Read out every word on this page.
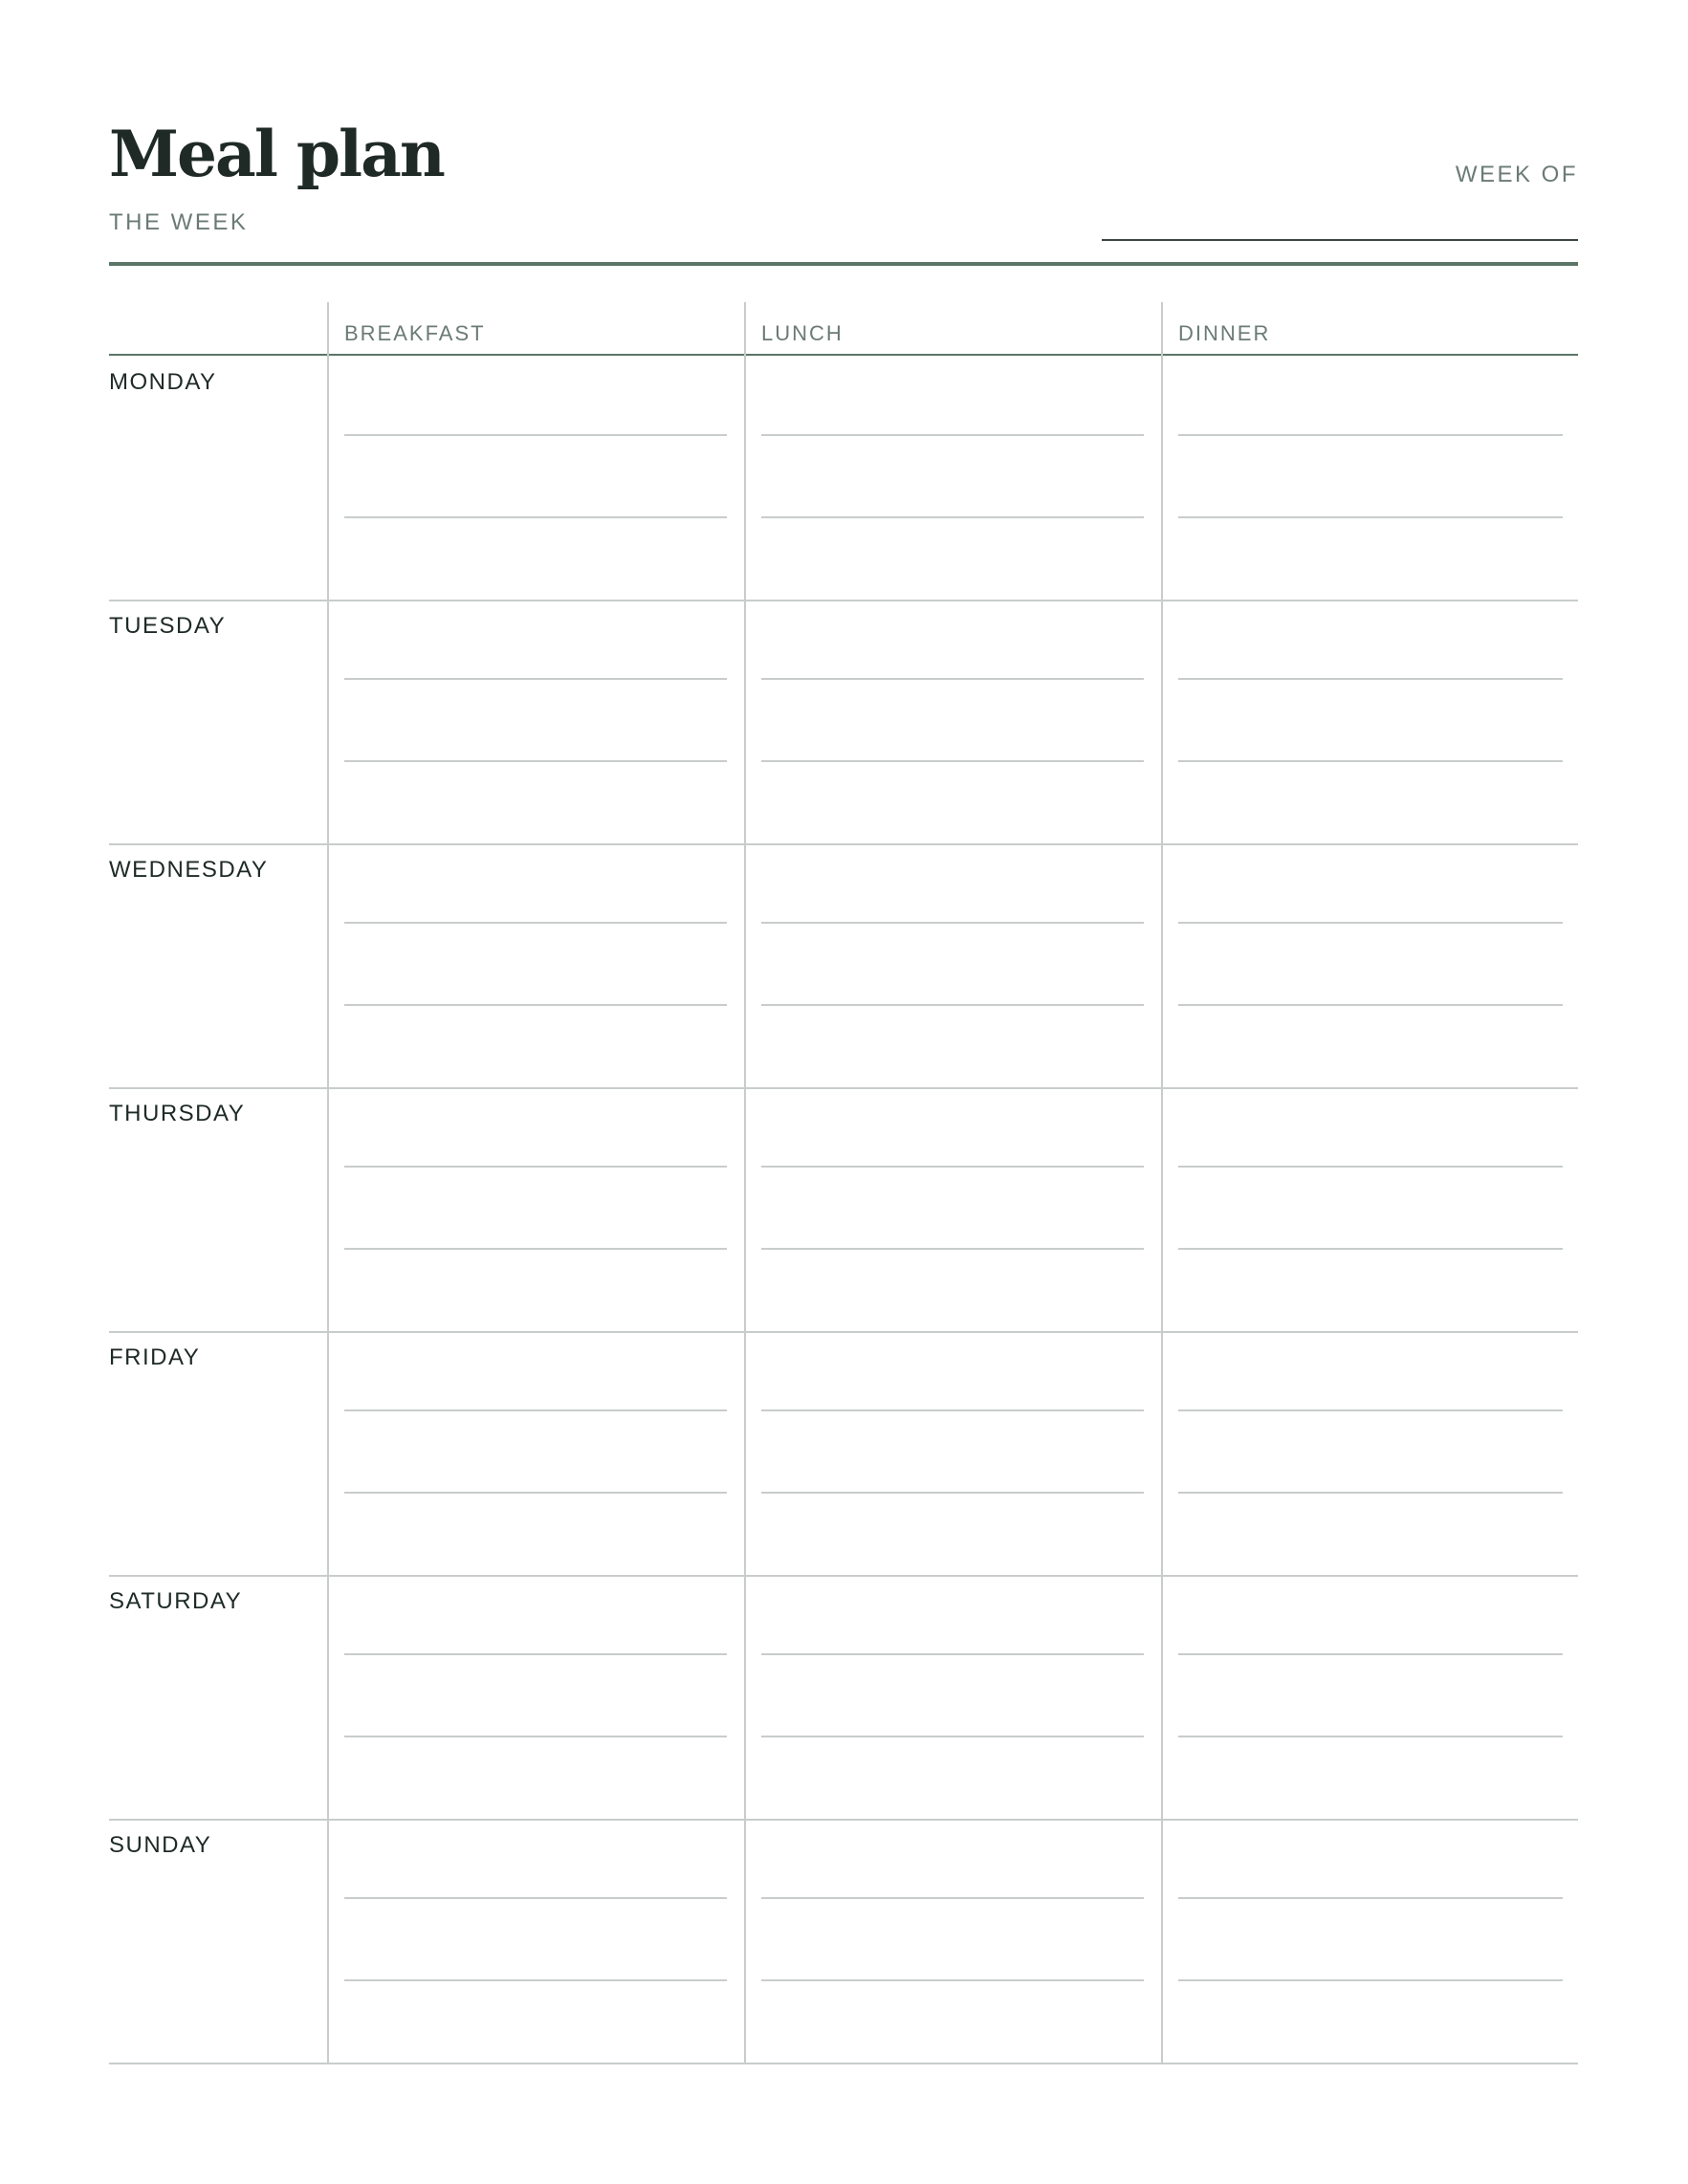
Meal plan
THE WEEK
WEEK OF
BREAKFAST	LUNCH	DINNER
MONDAY
TUESDAY
WEDNESDAY
THURSDAY
FRIDAY
SATURDAY
SUNDAY
